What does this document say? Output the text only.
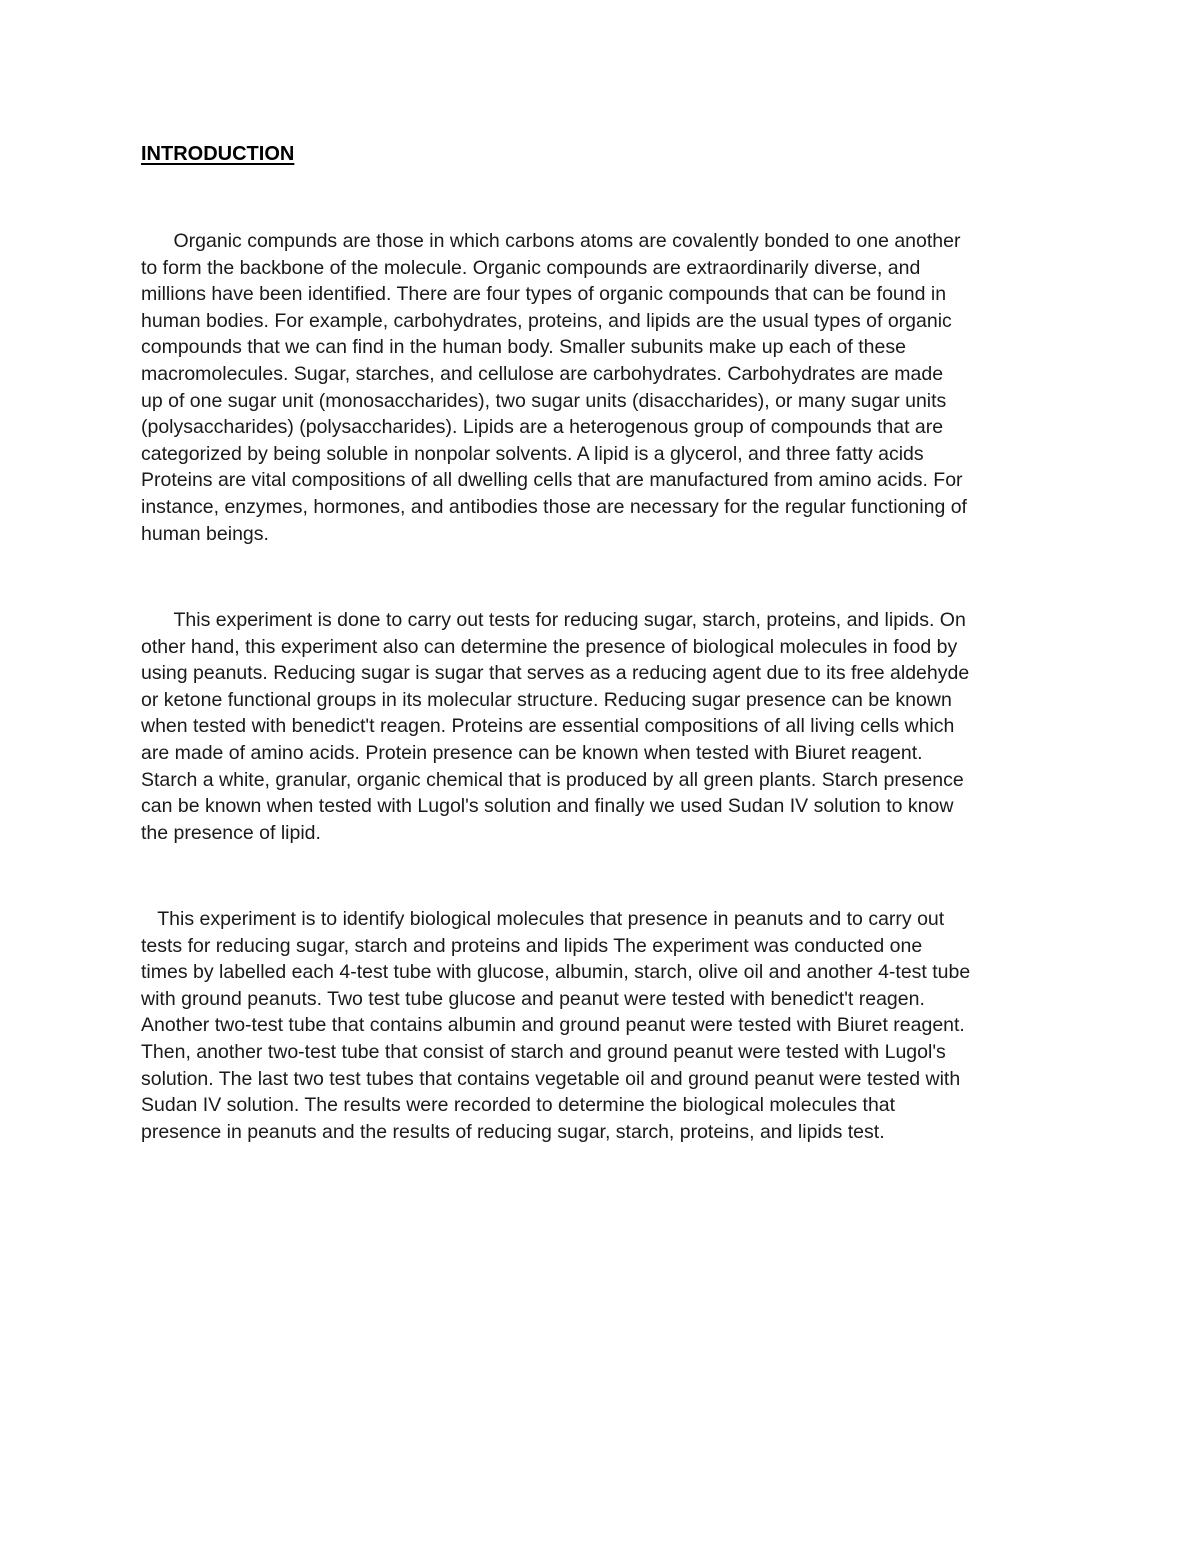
INTRODUCTION

Organic compunds are those in which carbons atoms are covalently bonded to one another
to form the backbone of the molecule. Organic compounds are extraordinarily diverse, and
millions have been identified. There are four types of organic compounds that can be found in
human bodies. For example, carbohydrates, proteins, and lipids are the usual types of organic
compounds that we can find in the human body. Smaller subunits make up each of these
macromolecules. Sugar, starches, and cellulose are carbohydrates. Carbohydrates are made
up of one sugar unit (monosaccharides), two sugar units (disaccharides), or many sugar units
(polysaccharides) (polysaccharides). Lipids are a heterogenous group of compounds that are
categorized by being soluble in nonpolar solvents. A lipid is a glycerol, and three fatty acids
Proteins are vital compositions of all dwelling cells that are manufactured from amino acids. For
instance, enzymes, hormones, and antibodies those are necessary for the regular functioning of
human beings.

This experiment is done to carry out tests for reducing sugar, starch, proteins, and lipids. On
other hand, this experiment also can determine the presence of biological molecules in food by
using peanuts. Reducing sugar is sugar that serves as a reducing agent due to its free aldehyde
or ketone functional groups in its molecular structure. Reducing sugar presence can be known
when tested with benedict't reagen. Proteins are essential compositions of all living cells which
are made of amino acids. Protein presence can be known when tested with Biuret reagent.
Starch a white, granular, organic chemical that is produced by all green plants. Starch presence
can be known when tested with Lugol's solution and finally we used Sudan IV solution to know
the presence of lipid.

This experiment is to identify biological molecules that presence in peanuts and to carry out
tests for reducing sugar, starch and proteins and lipids The experiment was conducted one
times by labelled each 4-test tube with glucose, albumin, starch, olive oil and another 4-test tube
with ground peanuts. Two test tube glucose and peanut were tested with benedict't reagen.
Another two-test tube that contains albumin and ground peanut were tested with Biuret reagent.
Then, another two-test tube that consist of starch and ground peanut were tested with Lugol's
solution. The last two test tubes that contains vegetable oil and ground peanut were tested with
Sudan IV solution. The results were recorded to determine the biological molecules that
presence in peanuts and the results of reducing sugar, starch, proteins, and lipids test.
